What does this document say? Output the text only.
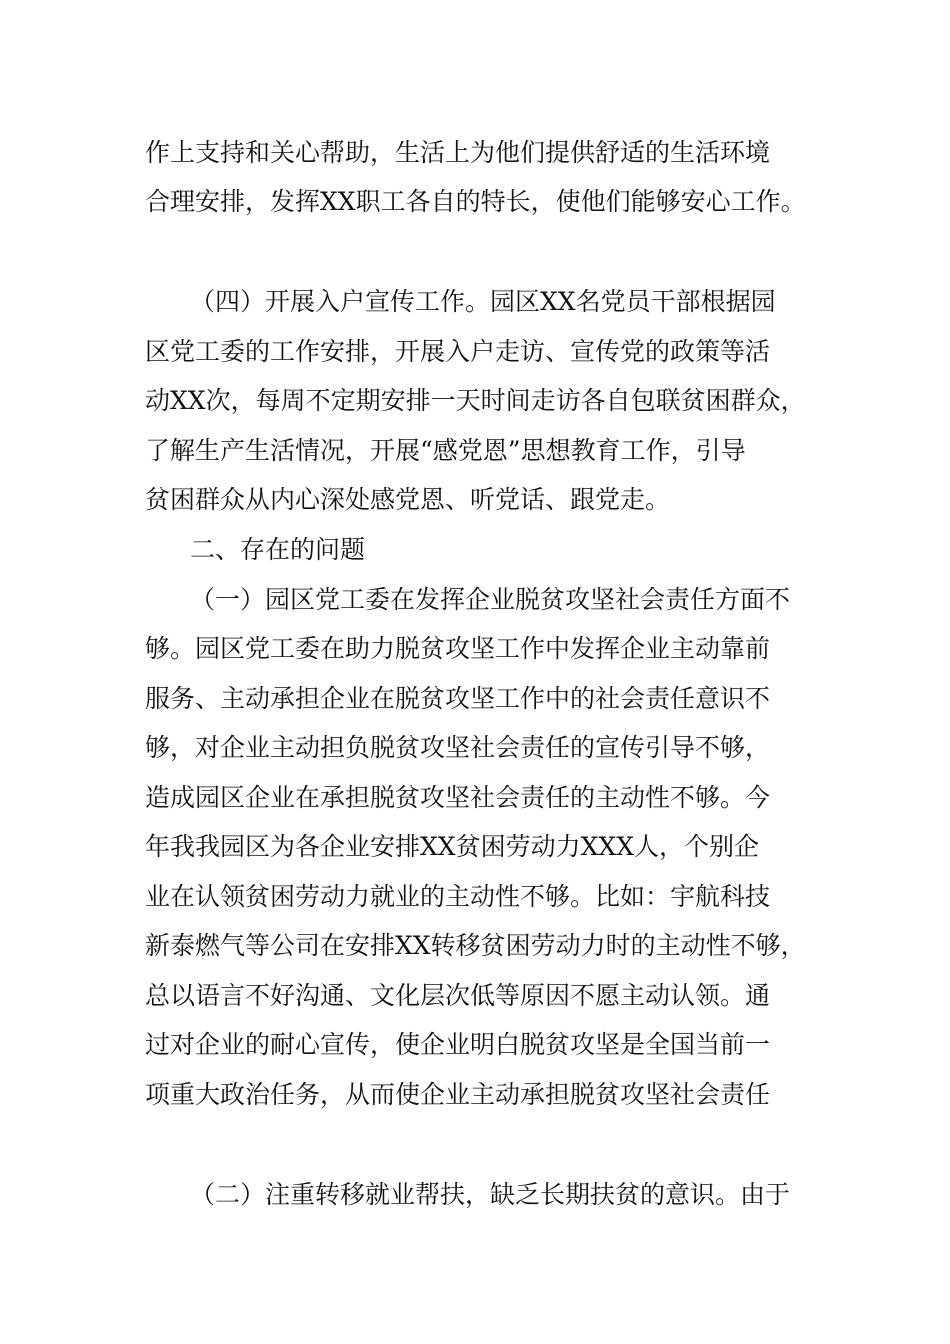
作上支持和关心帮助，生活上为他们提供舒适的生活环境
合理安排，发挥XX职工各自的特长，使他们能够安心工作。
（四）开展入户宣传工作。园区XX名党员干部根据园
区党工委的工作安排，开展入户走访、宣传党的政策等活
动XX次，每周不定期安排一天时间走访各自包联贫困群众，
了解生产生活情况，开展“感党恩”思想教育工作，引导
贫困群众从内心深处感党恩、听党话、跟党走。
二、存在的问题
（一）园区党工委在发挥企业脱贫攻坚社会责任方面不
够。园区党工委在助力脱贫攻坚工作中发挥企业主动靠前
服务、主动承担企业在脱贫攻坚工作中的社会责任意识不
够，对企业主动担负脱贫攻坚社会责任的宣传引导不够，
造成园区企业在承担脱贫攻坚社会责任的主动性不够。今
年我我园区为各企业安排XX贫困劳动力XXX人，个别企
业在认领贫困劳动力就业的主动性不够。比如：宇航科技
新泰燃气等公司在安排XX转移贫困劳动力时的主动性不够，
总以语言不好沟通、文化层次低等原因不愿主动认领。通
过对企业的耐心宣传，使企业明白脱贫攻坚是全国当前一
项重大政治任务，从而使企业主动承担脱贫攻坚社会责任
（二）注重转移就业帮扶，缺乏长期扶贫的意识。由于
